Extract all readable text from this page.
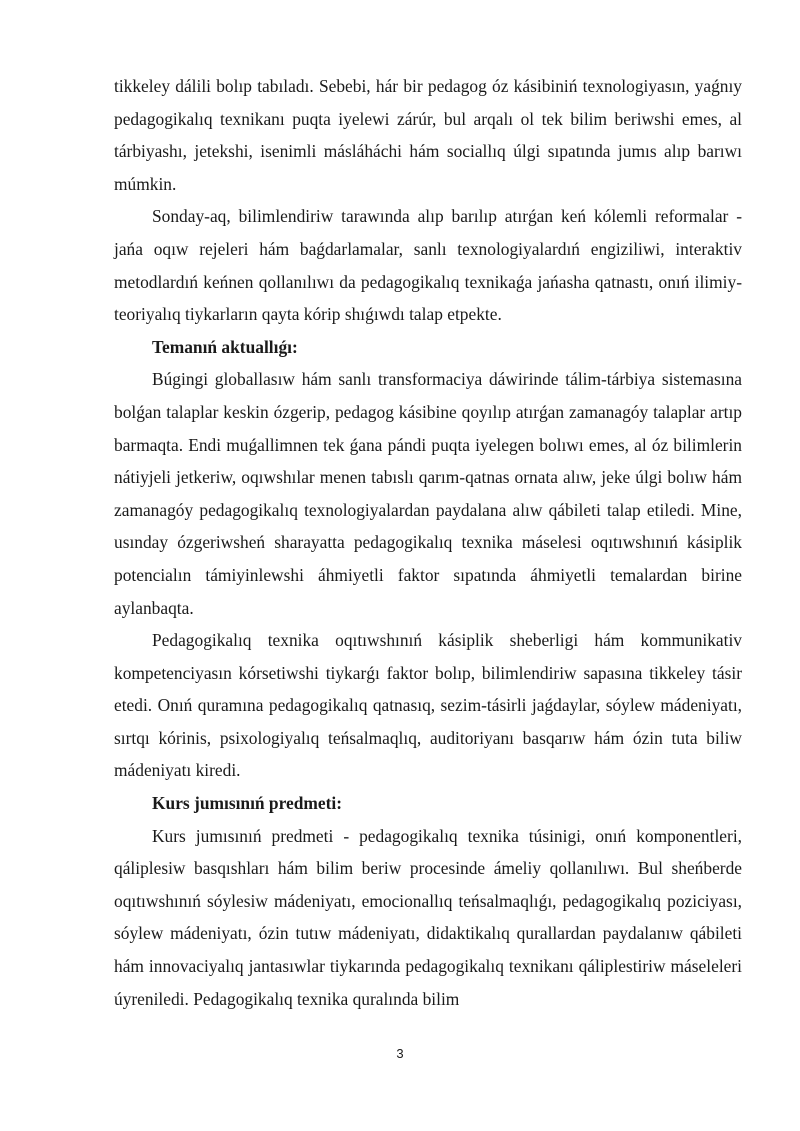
tikkeley dálili bolıp tabıladı. Sebebi, hár bir pedagog óz kásibiniń texnologiyasın, yaǵnıy pedagogikalıq texnikanı puqta iyelewi zárúr, bul arqalı ol tek bilim beriwshi emes, al tárbiyashı, jetekshi, isenimli másláháchi hám sociallıq úlgi sıpatında jumıs alıp barıwı múmkin.

Sonday-aq, bilimlendiriw tarawında alıp barılıp atırǵan keń kólemli reformalar - jańa oqıw rejeleri hám baǵdarlamalar, sanlı texnologiyalardıń engiziliwi, interaktiv metodlardıń keńnen qollanılıwı da pedagogikalıq texnikaǵa jańasha qatnastı, onıń ilimiy-teoriyalıq tiykarların qayta kórip shıǵıwdı talap etpekte.

Temanıń aktuallıǵı:

Búgingi globallasıw hám sanlı transformaciya dáwirinde tálim-tárbiya sistemasına bolǵan talaplar keskin ózgerip, pedagog kásibine qoyılıp atırǵan zamanagóy talaplar artıp barmaqta. Endi muǵallimnen tek ǵana pándi puqta iyelegen bolıwı emes, al óz bilimlerin nátiyjeli jetkeriw, oqıwshılar menen tabıslı qarım-qatnas ornata alıw, jeke úlgi bolıw hám zamanagóy pedagogikalıq texnologiyalardan paydalana alıw qábileti talap etiledi. Mine, usınday ózgeriwsheń sharayatta pedagogikalıq texnika máselesi oqıtıwshınıń kásiplik potencialın támiyinlewshi áhmiyetli faktor sıpatında áhmiyetli temalardan birine aylanbaqta.

Pedagogikalıq texnika oqıtıwshınıń kásiplik sheberligi hám kommunikativ kompetenciyasın kórsetiwshi tiykarǵı faktor bolıp, bilimlendiriw sapasına tikkeley tásir etedi. Onıń quramına pedagogikalıq qatnasıq, sezim-tásirli jaǵdaylar, sóylew mádeniyatı, sırtqı kórinis, psixologiyalıq teńsalmaqlıq, auditoriyanı basqarıw hám ózin tuta biliw mádeniyatı kiredi.

Kurs jumısınıń predmeti:

Kurs jumısınıń predmeti - pedagogikalıq texnika túsinigi, onıń komponentleri, qáliplesiw basqıshları hám bilim beriw procesinde ámeliy qollanılıwı. Bul sheńberde oqıtıwshınıń sóylesiw mádeniyatı, emocionallıq teńsalmaqlıǵı, pedagogikalıq poziciyası, sóylew mádeniyatı, ózin tutıw mádeniyatı, didaktikalıq qurallardan paydalanıw qábileti hám innovaciyalıq jantasıwlar tiykarında pedagogikalıq texnikanı qáliplestiriw máseleleri úyreniledi. Pedagogikalıq texnika quralında bilim

3
